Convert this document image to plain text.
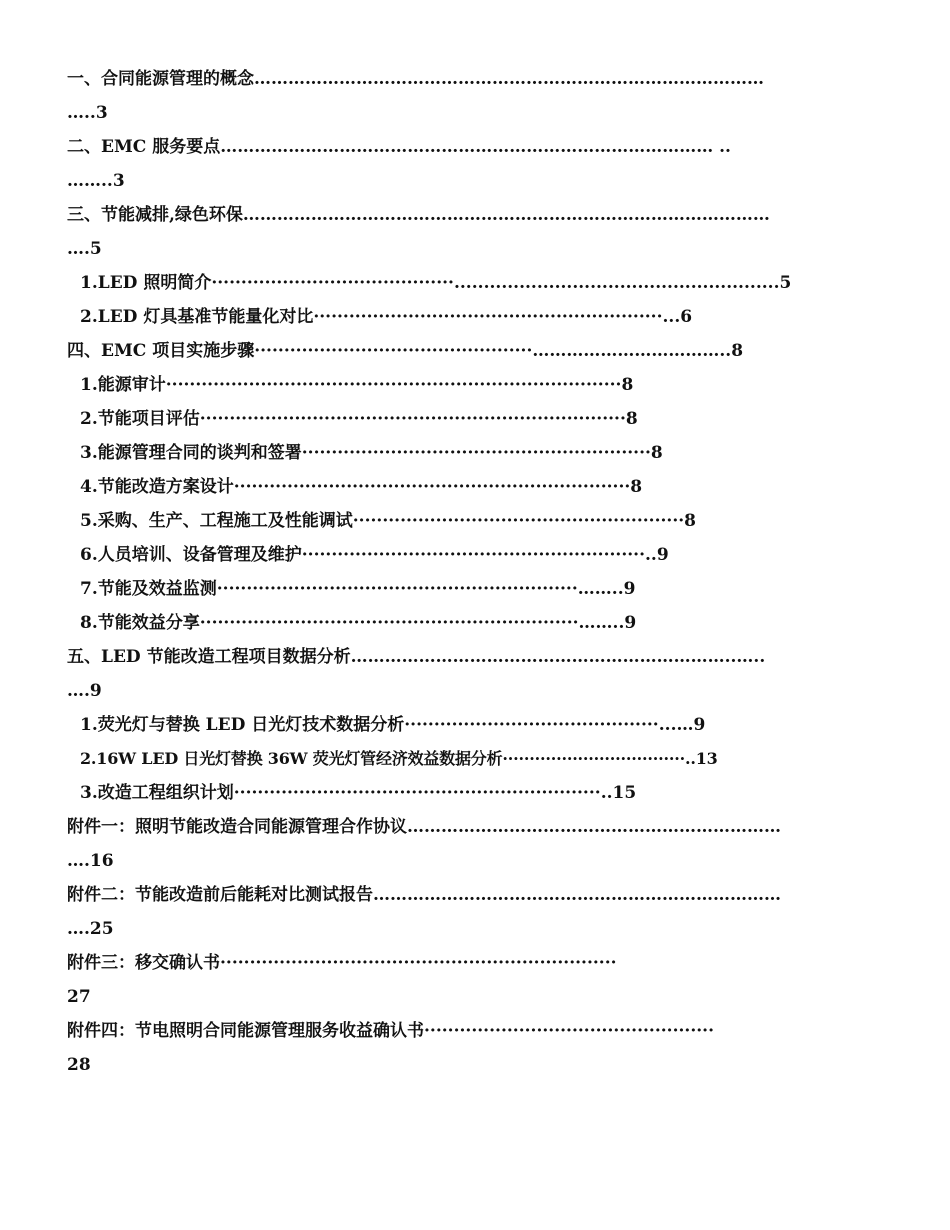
一、合同能源管理的概念………………………………………………………………………………
…..3
二、EMC 服务要点…………………………………………………………………………… ..
……..3
三、节能减排,绿色环保…………………………………………………………………………………
….5
1.LED 照明简介·········································.......................................................5
2.LED 灯具基准节能量化对比···························································...6
四、EMC 项目实施步骤···············································……………………………..8
1.能源审计·············································································8
2.节能项目评估········································································8
3.能源管理合同的谈判和签署···························································8
4.节能改造方案设计···································································8
5.采购、生产、工程施工及性能调试························································8
6.人员培训、设备管理及维护··························································..9
7.节能及效益监测·····························································……..9
8.节能效益分享································································……..9
五、LED 节能改造工程项目数据分析…………………………………………………………..…..
….9
1.荧光灯与替换 LED 日光灯技术数据分析···········································...…9
2.16W LED 日光灯替换 36W 荧光灯管经济效益数据分析··································..13
3.改造工程组织计划······························································..15
附件一：照明节能改造合同能源管理合作协议…………………………………………………………
….16
附件二：节能改造前后能耗对比测试报告………………………………………………………………
….25
附件三：移交确认书···································································
27
附件四：节电照明合同能源管理服务收益确认书·················································
28
